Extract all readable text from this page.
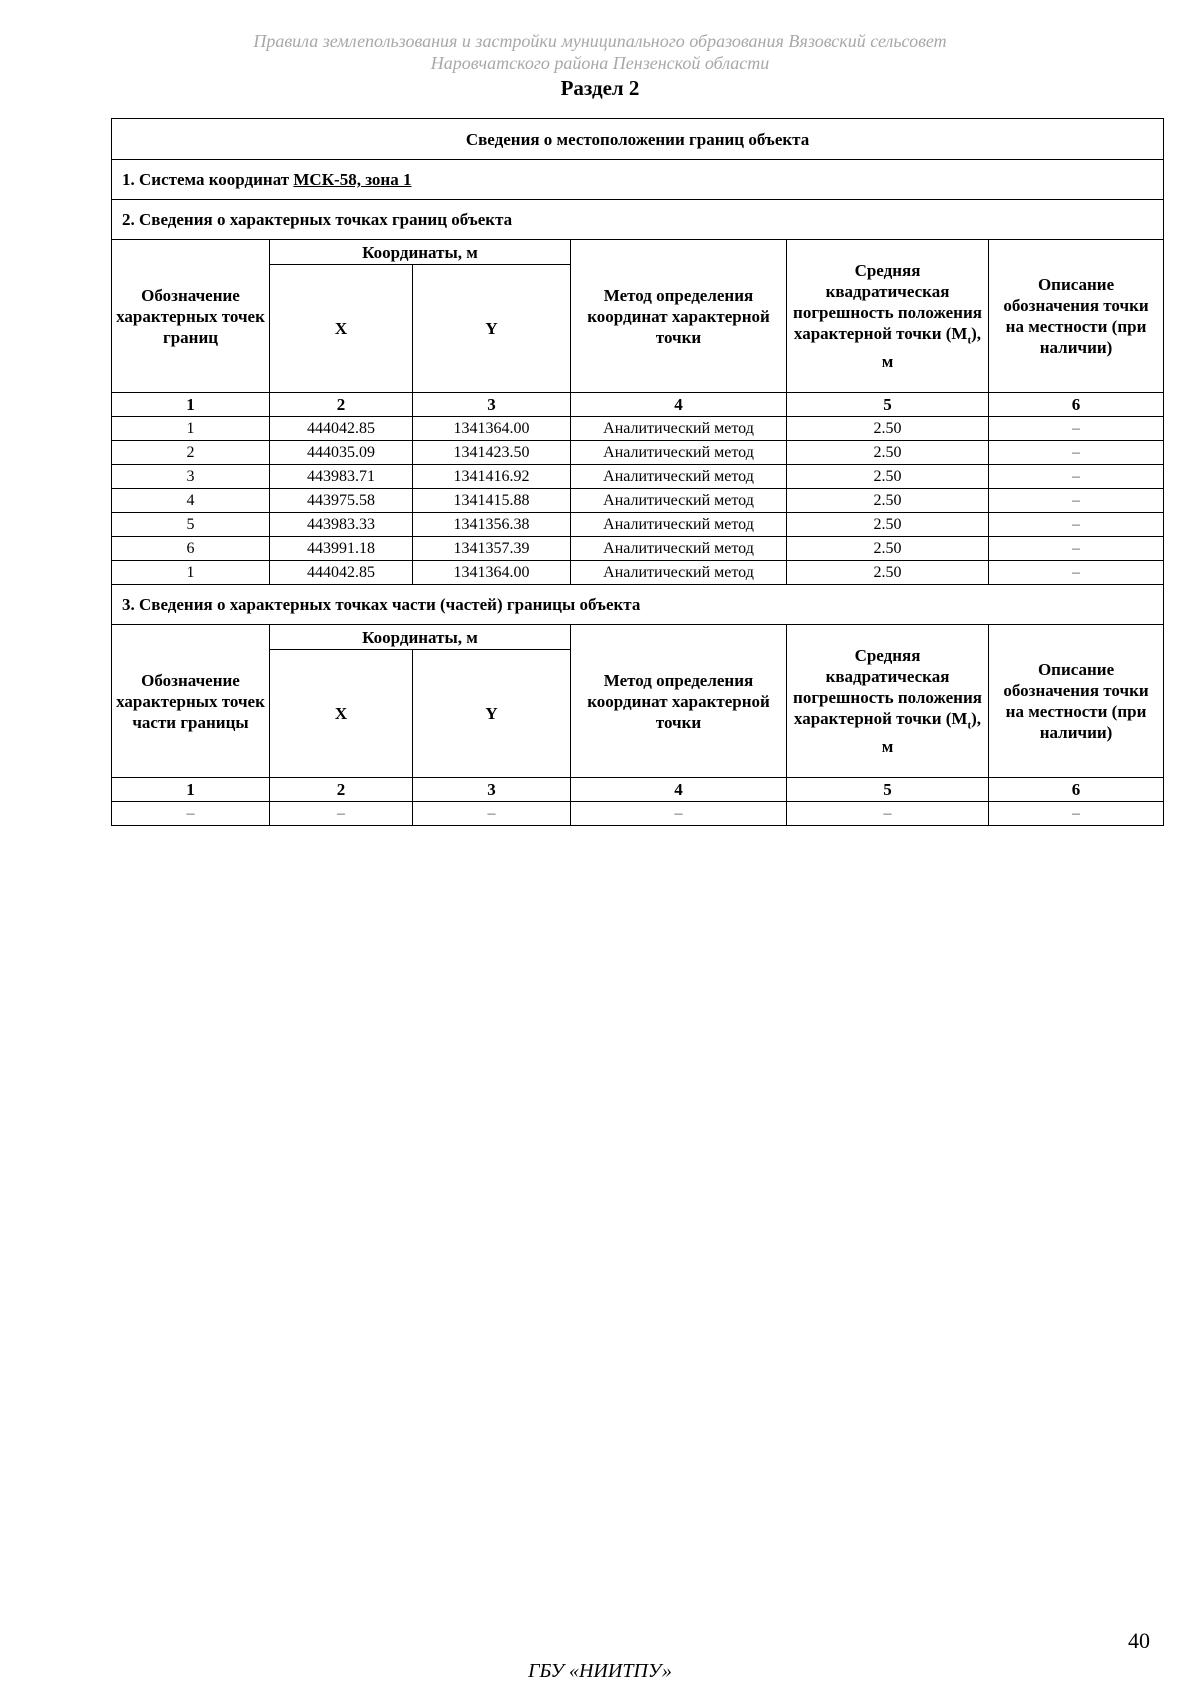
Правила землепользования и застройки муниципального образования Вязовский сельсовет
Наровчатского района Пензенской области
Раздел 2
Сведения о местоположении границ объекта					
1. Система координат МСК-58, зона 1					
2. Сведения о характерных точках границ объекта					
Обозначение характерных точек границ	Координаты, м		Метод определения координат характерной точки	Средняя квадратическая погрешность положения характерной точки $(M_t)$, м	Описание обозначения точки на местности (при наличии)
	X	Y			
1	2	3	4	5	6
1	444042.85	1341364.00	Аналитический метод	2.50	–
2	444035.09	1341423.50	Аналитический метод	2.50	–
3	443983.71	1341416.92	Аналитический метод	2.50	–
4	443975.58	1341415.88	Аналитический метод	2.50	–
5	443983.33	1341356.38	Аналитический метод	2.50	–
6	443991.18	1341357.39	Аналитический метод	2.50	–
1	444042.85	1341364.00	Аналитический метод	2.50	–
3. Сведения о характерных точках части (частей) границы объекта					
Обозначение характерных точек части границы	Координаты, м		Метод определения координат характерной точки	Средняя квадратическая погрешность положения характерной точки $(M_t)$, м	Описание обозначения точки на местности (при наличии)
	X	Y			
1	2	3	4	5	6
–	–	–	–	–	–
40
ГБУ «НИИТПУ»
